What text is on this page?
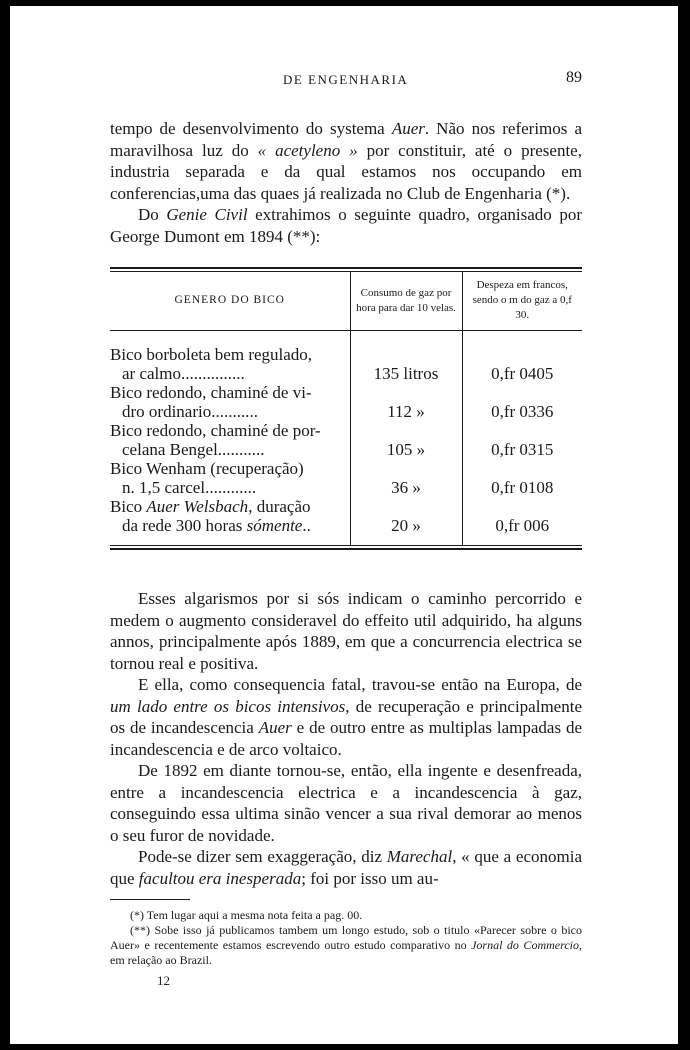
DE ENGENHARIA	89

tempo de desenvolvimento do systema Auer. Não nos referimos a maravilhosa luz do « acetyleno » por constituir, até o presente, industria separada e da qual estamos nos occupando em conferencias,uma das quaes já realizada no Club de Engenharia (*).

Do Genie Civil extrahimos o seguinte quadro, organisado por George Dumont em 1894 (**):

GENERO DO BICO	Consumo de gaz por hora para dar 10 velas.	Despeza em francos, sendo o m do gaz a 0,f 30.

Bico borboleta bem regulado,
ar calmo...............	135 litros	0,fr 0405
Bico redondo, chaminé de vi-
dro ordinario...........	112 »	0,fr 0336
Bico redondo, chaminé de por-
celana Bengel...........	105 »	0,fr 0315
Bico Wenham (recuperação)
n. 1,5 carcel............	36 »	0,fr 0108
Bico Auer Welsbach, duração
da rede 300 horas sómente..	20 »	0,fr 006

Esses algarismos por si sós indicam o caminho percorrido e medem o augmento consideravel do effeito util adquirido, ha alguns annos, principalmente após 1889, em que a concurrencia electrica se tornou real e positiva.

E ella, como consequencia fatal, travou-se então na Europa, de um lado entre os bicos intensivos, de recuperação e principalmente os de incandescencia Auer e de outro entre as multiplas lampadas de incandescencia e de arco voltaico.

De 1892 em diante tornou-se, então, ella ingente e desenfreada, entre a incandescencia electrica e a incandescencia à gaz, conseguindo essa ultima sinão vencer a sua rival demorar ao menos o seu furor de novidade.

Pode-se dizer sem exaggeração, diz Marechal, « que a economia que facultou era inesperada; foi por isso um au-

(*) Tem lugar aqui a mesma nota feita a pag. 00.
(**) Sobe isso já publicamos tambem um longo estudo, sob o titulo «Parecer sobre o bico Auer» e recentemente estamos escrevendo outro estudo comparativo no Jornal do Commercio, em relação ao Brazil.
12
